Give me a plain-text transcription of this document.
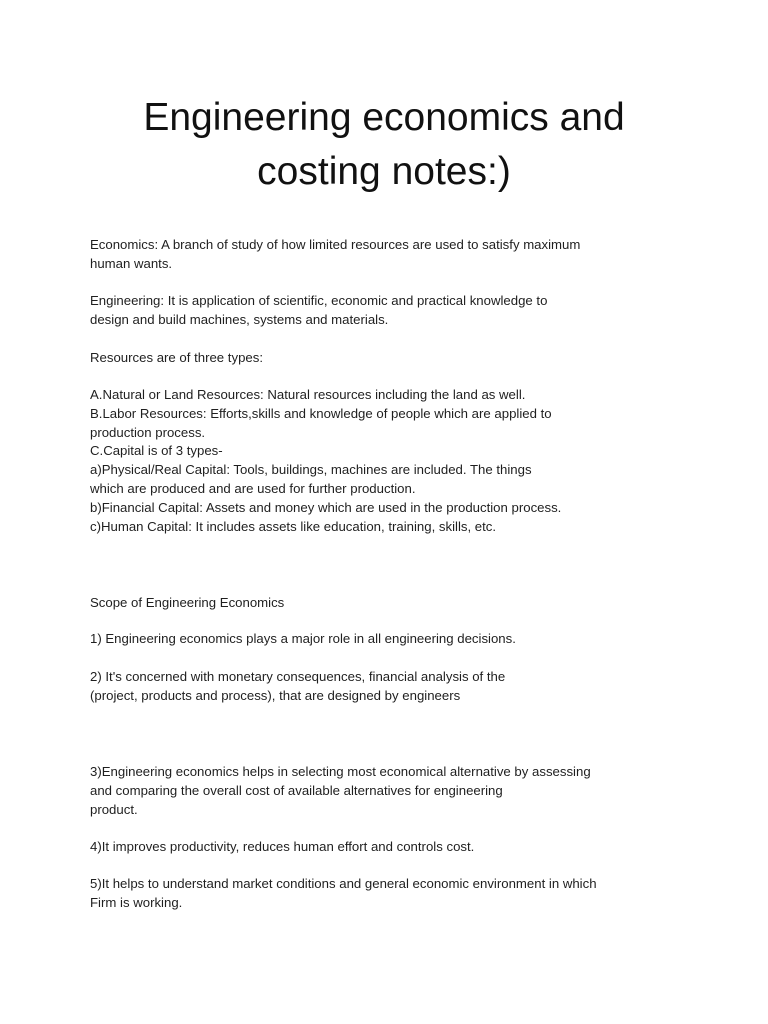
Engineering economics and
costing notes:)
Economics: A branch of study of how limited resources are used to satisfy maximum
human wants.
Engineering: It is application of scientific, economic and practical knowledge to
design and build machines, systems and materials.
Resources are of three types:
A.Natural or Land Resources: Natural resources including the land as well.
B.Labor Resources: Efforts,skills and knowledge of people which are applied to
production process.
C.Capital is of 3 types-
a)Physical/Real Capital: Tools, buildings, machines are included. The things
which are produced and are used for further production.
b)Financial Capital: Assets and money which are used in the production process.
c)Human Capital: It includes assets like education, training, skills, etc.
Scope of Engineering Economics
1) Engineering economics plays a major role in all engineering decisions.
2) It's concerned with monetary consequences, financial analysis of the
(project, products and process), that are designed by engineers
3)Engineering economics helps in selecting most economical alternative by assessing
and comparing the overall cost of available alternatives for engineering
product.
4)It improves productivity, reduces human effort and controls cost.
5)It helps to understand market conditions and general economic environment in which
Firm is working.
